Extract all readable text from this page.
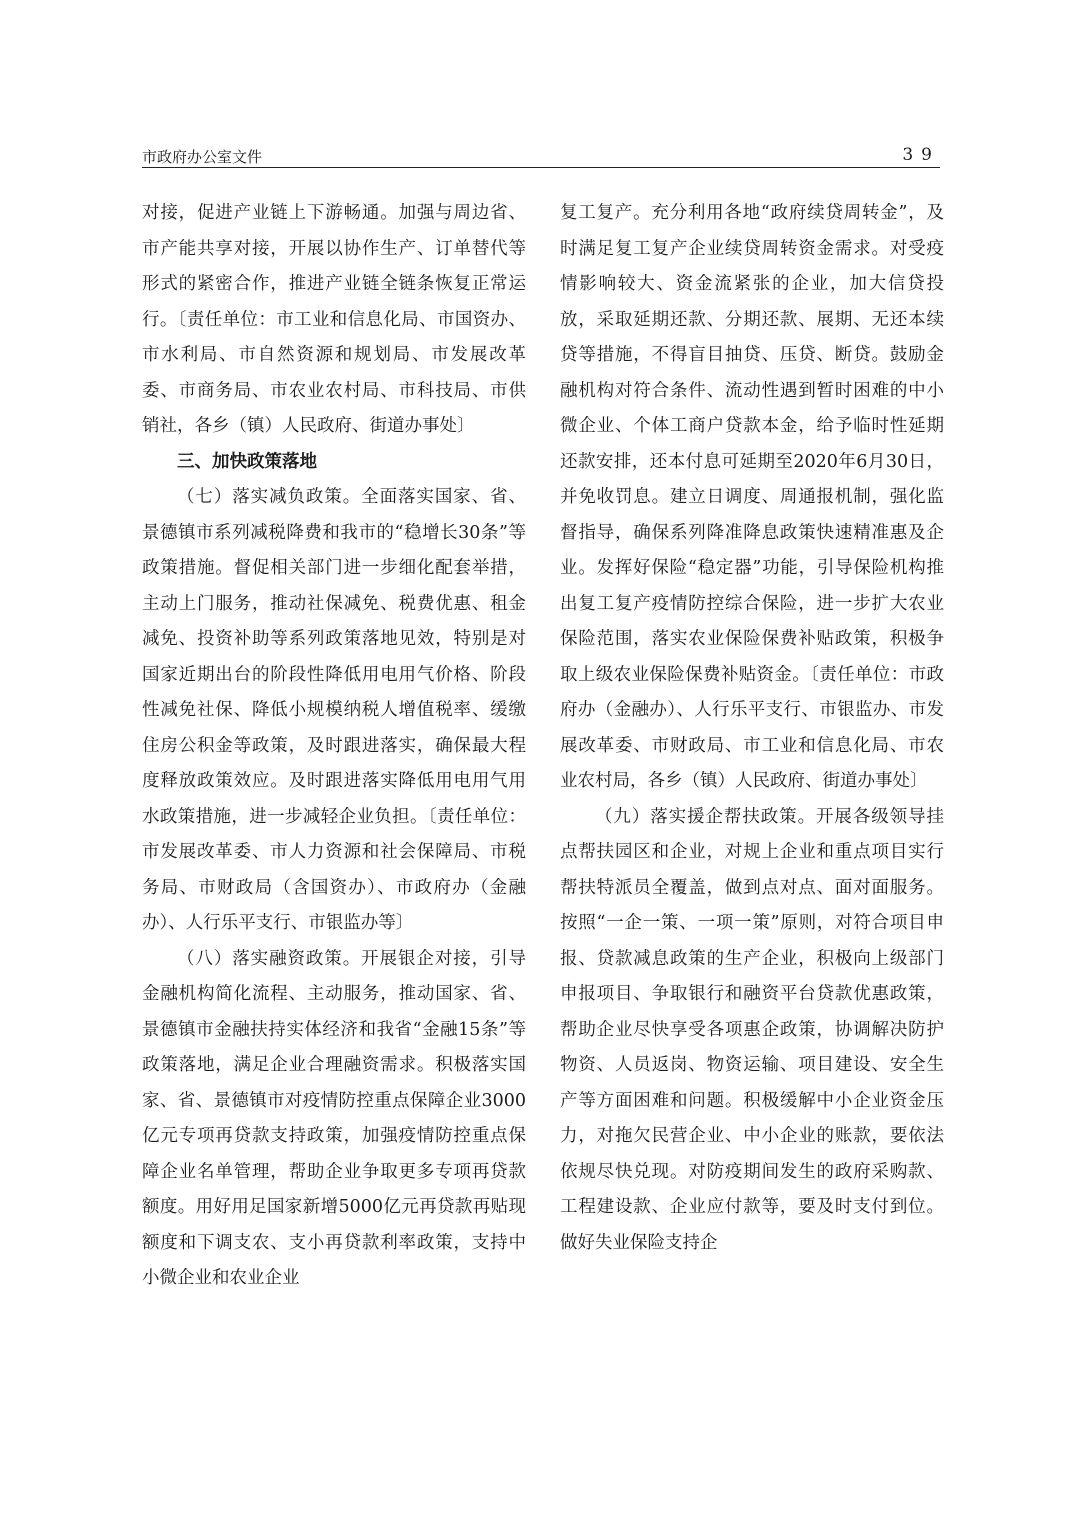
市政府办公室文件	39

对接，促进产业链上下游畅通。加强与周边省、市产能共享对接，开展以协作生产、订单替代等形式的紧密合作，推进产业链全链条恢复正常运行。〔责任单位：市工业和信息化局、市国资办、市水利局、市自然资源和规划局、市发展改革委、市商务局、市农业农村局、市科技局、市供销社，各乡（镇）人民政府、街道办事处〕

三、加快政策落地

（七）落实减负政策。全面落实国家、省、景德镇市系列减税降费和我市的“稳增长30条”等政策措施。督促相关部门进一步细化配套举措，主动上门服务，推动社保减免、税费优惠、租金减免、投资补助等系列政策落地见效，特别是对国家近期出台的阶段性降低用电用气价格、阶段性减免社保、降低小规模纳税人增值税率、缓缴住房公积金等政策，及时跟进落实，确保最大程度释放政策效应。及时跟进落实降低用电用气用水政策措施，进一步减轻企业负担。〔责任单位：市发展改革委、市人力资源和社会保障局、市税务局、市财政局（含国资办）、市政府办（金融办）、人行乐平支行、市银监办等〕

（八）落实融资政策。开展银企对接，引导金融机构简化流程、主动服务，推动国家、省、景德镇市金融扶持实体经济和我省“金融15条”等政策落地，满足企业合理融资需求。积极落实国家、省、景德镇市对疫情防控重点保障企业3000亿元专项再贷款支持政策，加强疫情防控重点保障企业名单管理，帮助企业争取更多专项再贷款额度。用好用足国家新增5000亿元再贷款再贴现额度和下调支农、支小再贷款利率政策，支持中小微企业和农业企业

复工复产。充分利用各地“政府续贷周转金”，及时满足复工复产企业续贷周转资金需求。对受疫情影响较大、资金流紧张的企业，加大信贷投放，采取延期还款、分期还款、展期、无还本续贷等措施，不得盲目抽贷、压贷、断贷。鼓励金融机构对符合条件、流动性遇到暂时困难的中小微企业、个体工商户贷款本金，给予临时性延期还款安排，还本付息可延期至2020年6月30日，并免收罚息。建立日调度、周通报机制，强化监督指导，确保系列降准降息政策快速精准惠及企业。发挥好保险“稳定器”功能，引导保险机构推出复工复产疫情防控综合保险，进一步扩大农业保险范围，落实农业保险保费补贴政策，积极争取上级农业保险保费补贴资金。〔责任单位：市政府办（金融办）、人行乐平支行、市银监办、市发展改革委、市财政局、市工业和信息化局、市农业农村局，各乡（镇）人民政府、街道办事处〕

（九）落实援企帮扶政策。开展各级领导挂点帮扶园区和企业，对规上企业和重点项目实行帮扶特派员全覆盖，做到点对点、面对面服务。按照“一企一策、一项一策”原则，对符合项目申报、贷款减息政策的生产企业，积极向上级部门申报项目、争取银行和融资平台贷款优惠政策，帮助企业尽快享受各项惠企政策，协调解决防护物资、人员返岗、物资运输、项目建设、安全生产等方面困难和问题。积极缓解中小企业资金压力，对拖欠民营企业、中小企业的账款，要依法依规尽快兑现。对防疫期间发生的政府采购款、工程建设款、企业应付款等，要及时支付到位。做好失业保险支持企
